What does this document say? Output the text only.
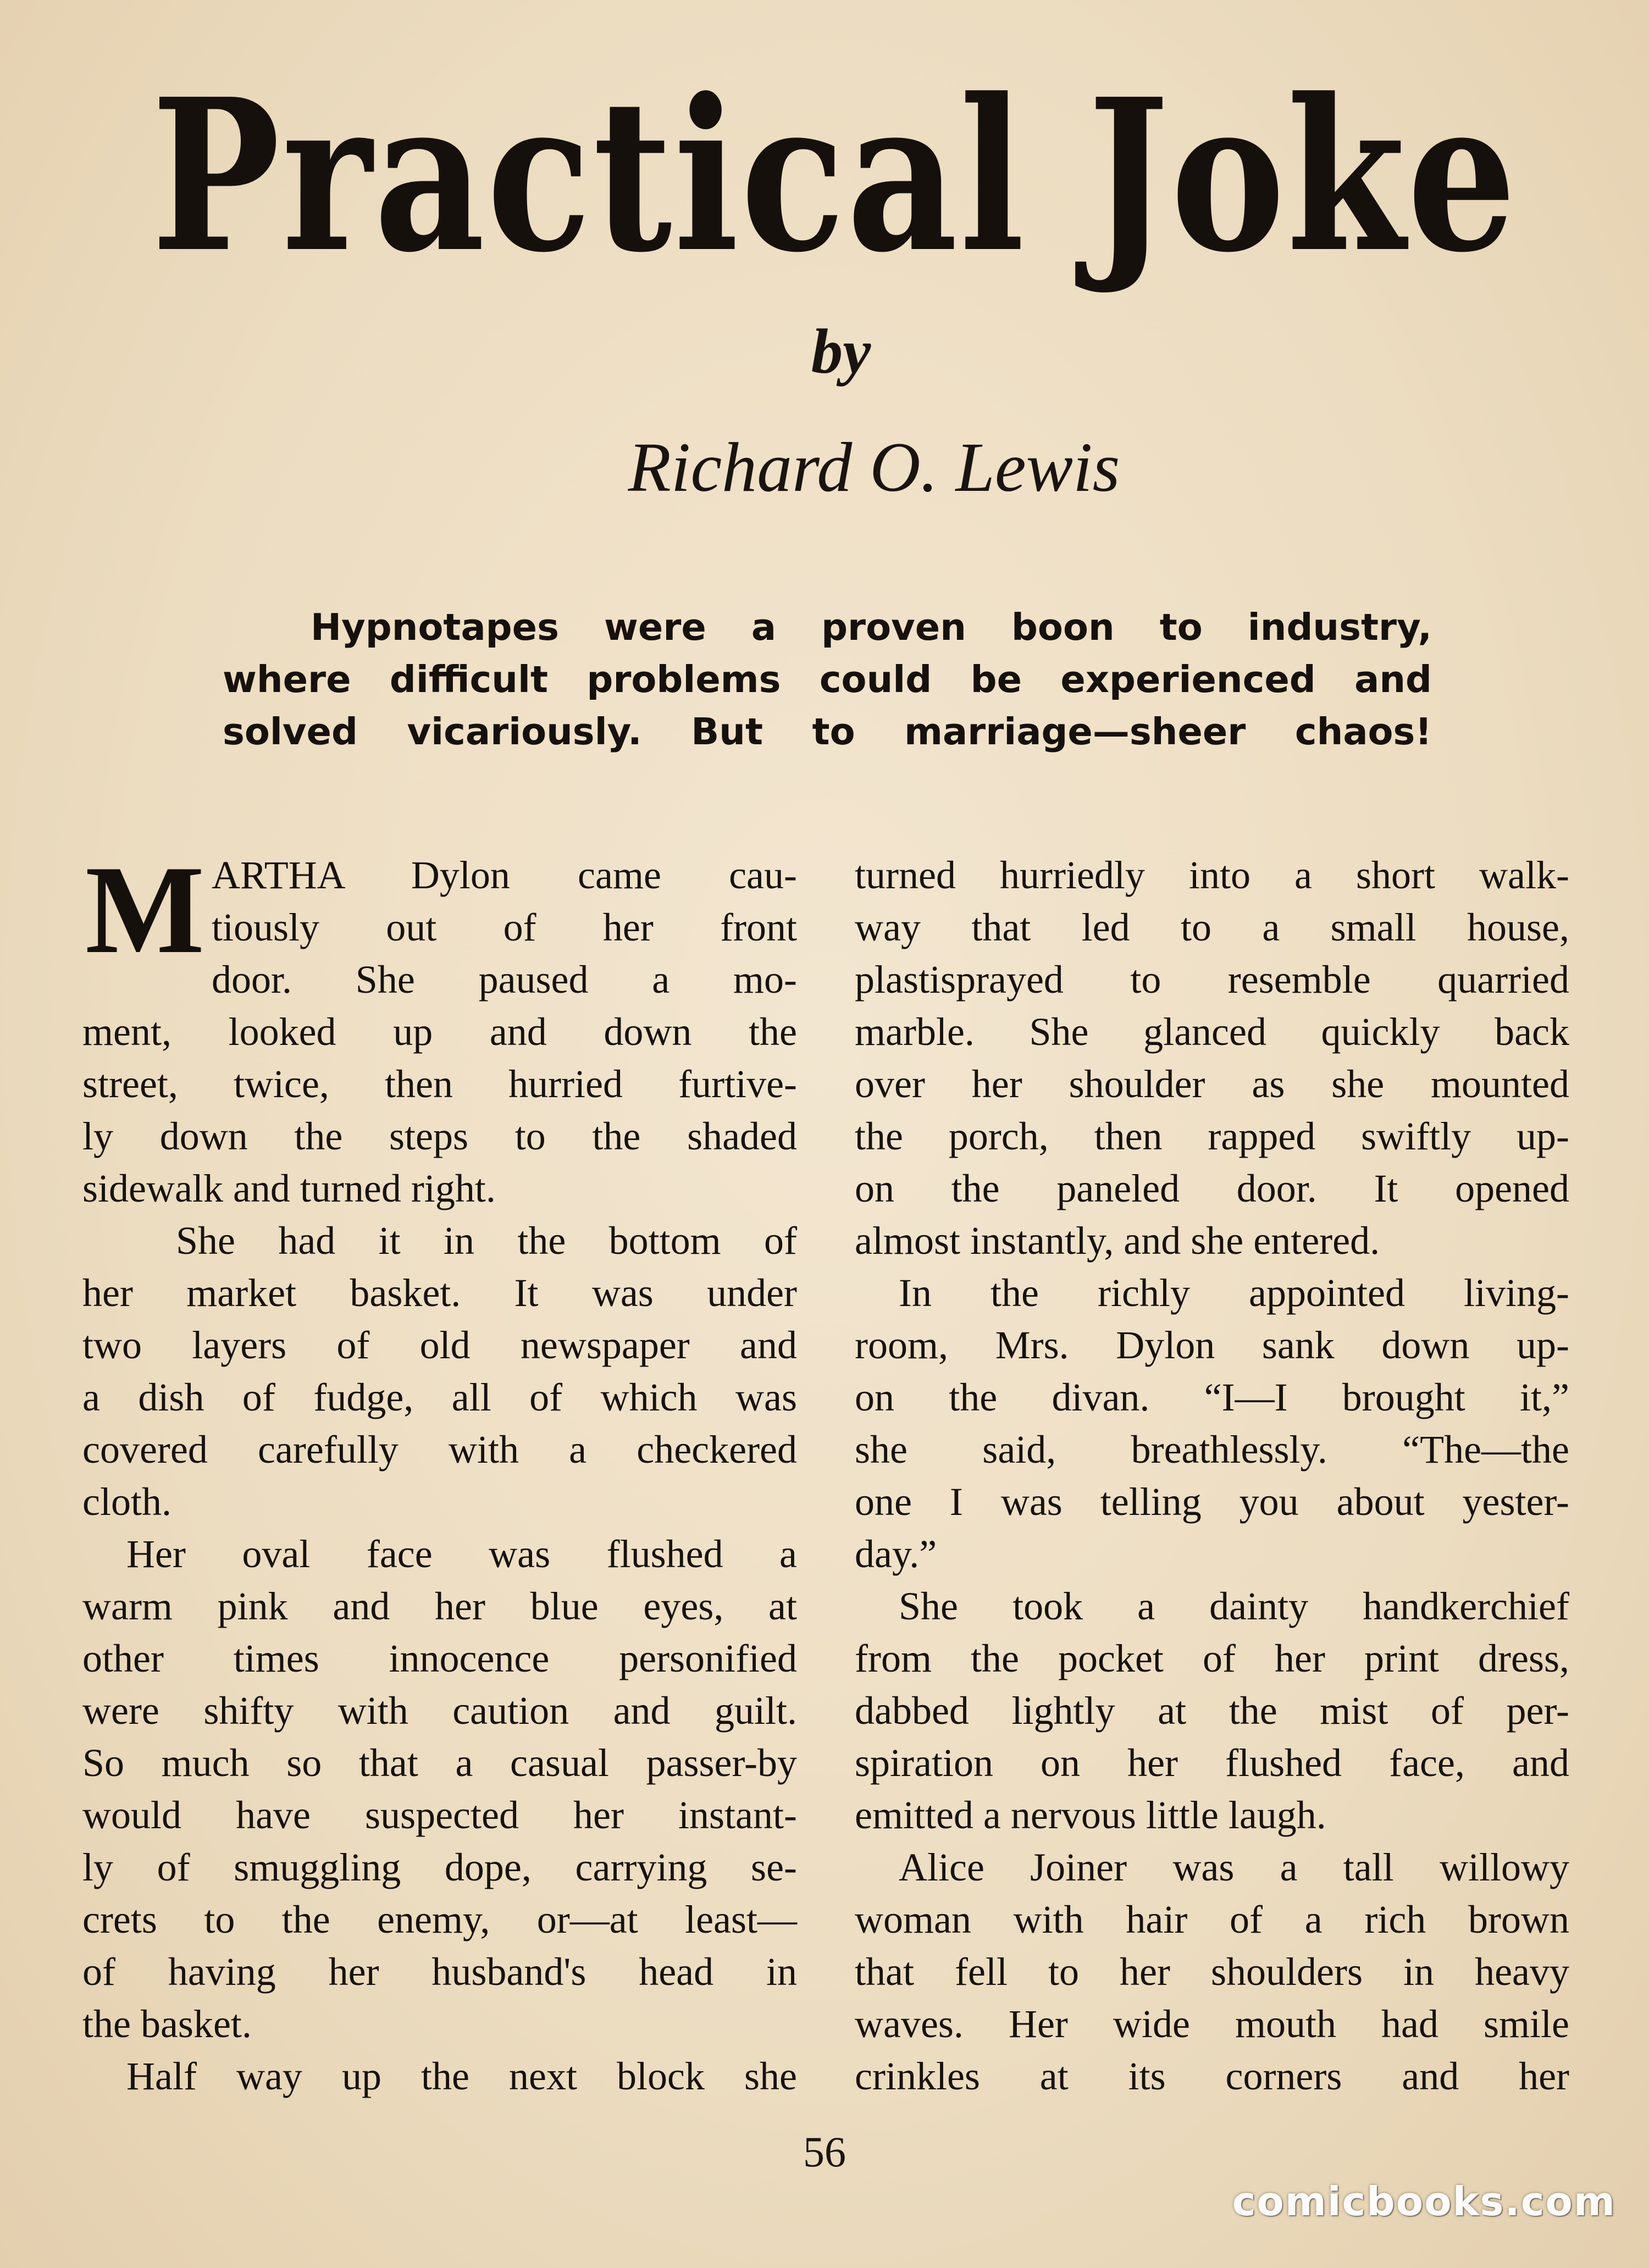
Practical Joke
by
Richard O. Lewis
Hypnotapes were a proven boon to industry,
where difficult problems could be experienced and
solved vicariously. But to marriage—sheer chaos!
M ARTHA Dylon came cau-
tiously out of her front
door. She paused a mo-
ment, looked up and down the
street, twice, then hurried furtive-
ly down the steps to the shaded
sidewalk and turned right.
She had it in the bottom of
her market basket. It was under
two layers of old newspaper and
a dish of fudge, all of which was
covered carefully with a checkered
cloth.
Her oval face was flushed a
warm pink and her blue eyes, at
other times innocence personified
were shifty with caution and guilt.
So much so that a casual passer-by
would have suspected her instant-
ly of smuggling dope, carrying se-
crets to the enemy, or—at least—
of having her husband's head in
the basket.
Half way up the next block she
turned hurriedly into a short walk-
way that led to a small house,
plastisprayed to resemble quarried
marble. She glanced quickly back
over her shoulder as she mounted
the porch, then rapped swiftly up-
on the paneled door. It opened
almost instantly, and she entered.
In the richly appointed living-
room, Mrs. Dylon sank down up-
on the divan. “I—I brought it,”
she said, breathlessly. “The—the
one I was telling you about yester-
day.”
She took a dainty handkerchief
from the pocket of her print dress,
dabbed lightly at the mist of per-
spiration on her flushed face, and
emitted a nervous little laugh.
Alice Joiner was a tall willowy
woman with hair of a rich brown
that fell to her shoulders in heavy
waves. Her wide mouth had smile
crinkles at its corners and her
56
comicbooks.com
